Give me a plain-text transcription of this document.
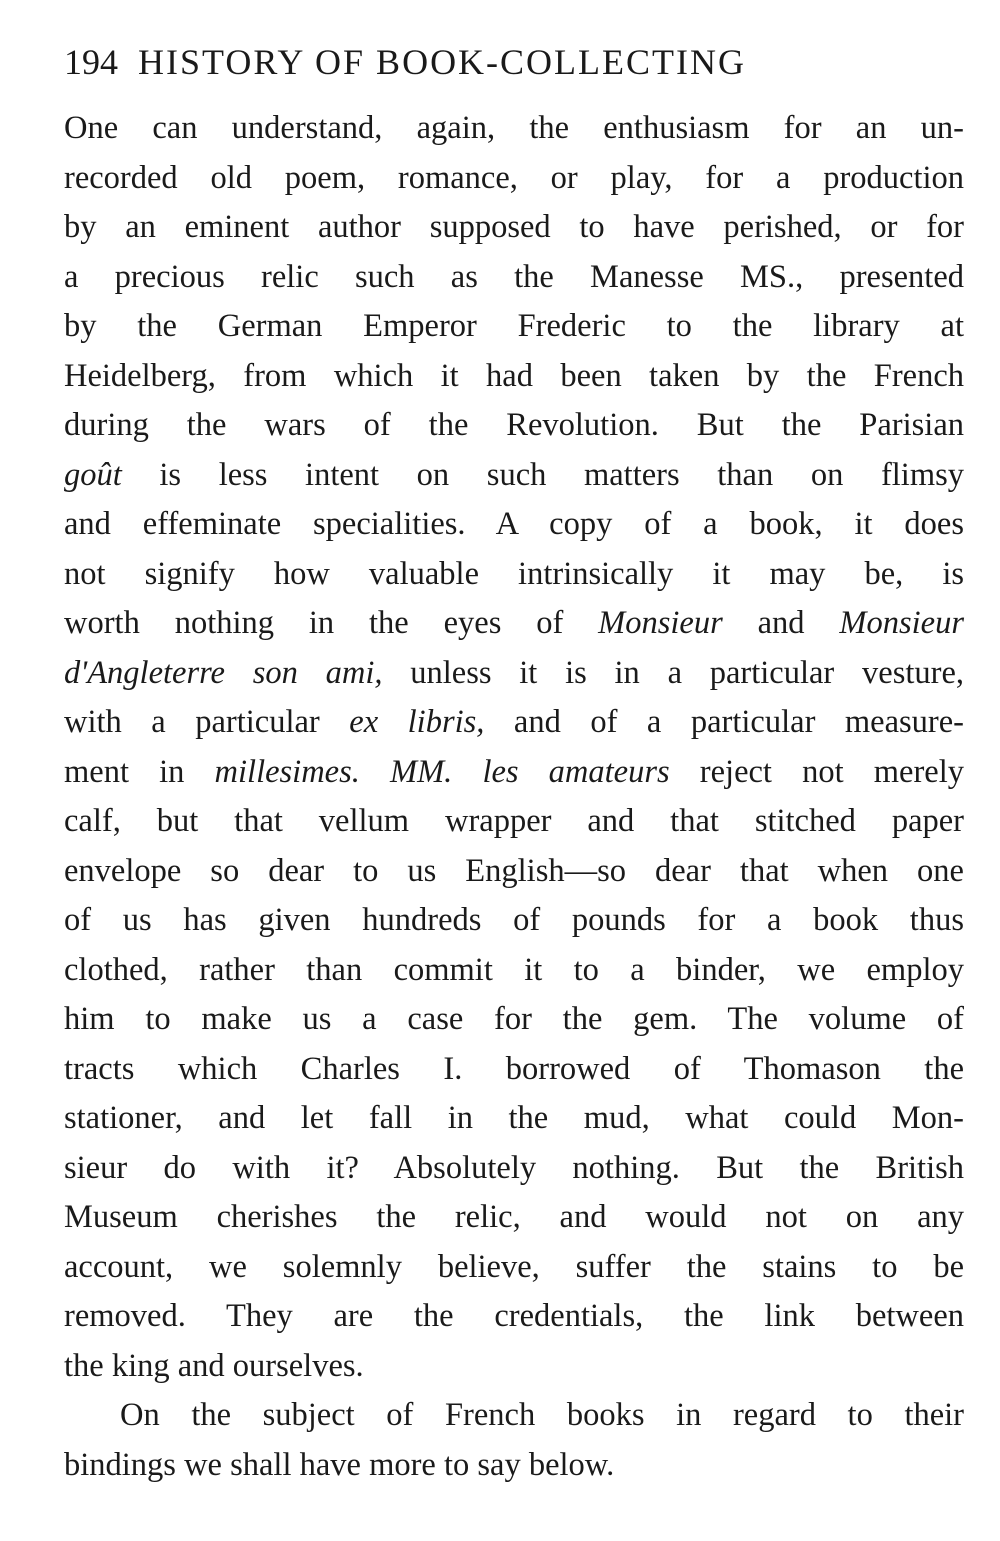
194 HISTORY OF BOOK-COLLECTING
One can understand, again, the enthusiasm for an un-
recorded old poem, romance, or play, for a production
by an eminent author supposed to have perished, or for
a precious relic such as the Manesse MS., presented
by the German Emperor Frederic to the library at
Heidelberg, from which it had been taken by the French
during the wars of the Revolution. But the Parisian
goût is less intent on such matters than on flimsy
and effeminate specialities. A copy of a book, it does
not signify how valuable intrinsically it may be, is
worth nothing in the eyes of Monsieur and Monsieur
d'Angleterre son ami, unless it is in a particular vesture,
with a particular ex libris, and of a particular measure-
ment in millesimes. MM. les amateurs reject not merely
calf, but that vellum wrapper and that stitched paper
envelope so dear to us English—so dear that when one
of us has given hundreds of pounds for a book thus
clothed, rather than commit it to a binder, we employ
him to make us a case for the gem. The volume of
tracts which Charles I. borrowed of Thomason the
stationer, and let fall in the mud, what could Mon-
sieur do with it? Absolutely nothing. But the British
Museum cherishes the relic, and would not on any
account, we solemnly believe, suffer the stains to be
removed. They are the credentials, the link between
the king and ourselves.
On the subject of French books in regard to their
bindings we shall have more to say below.
